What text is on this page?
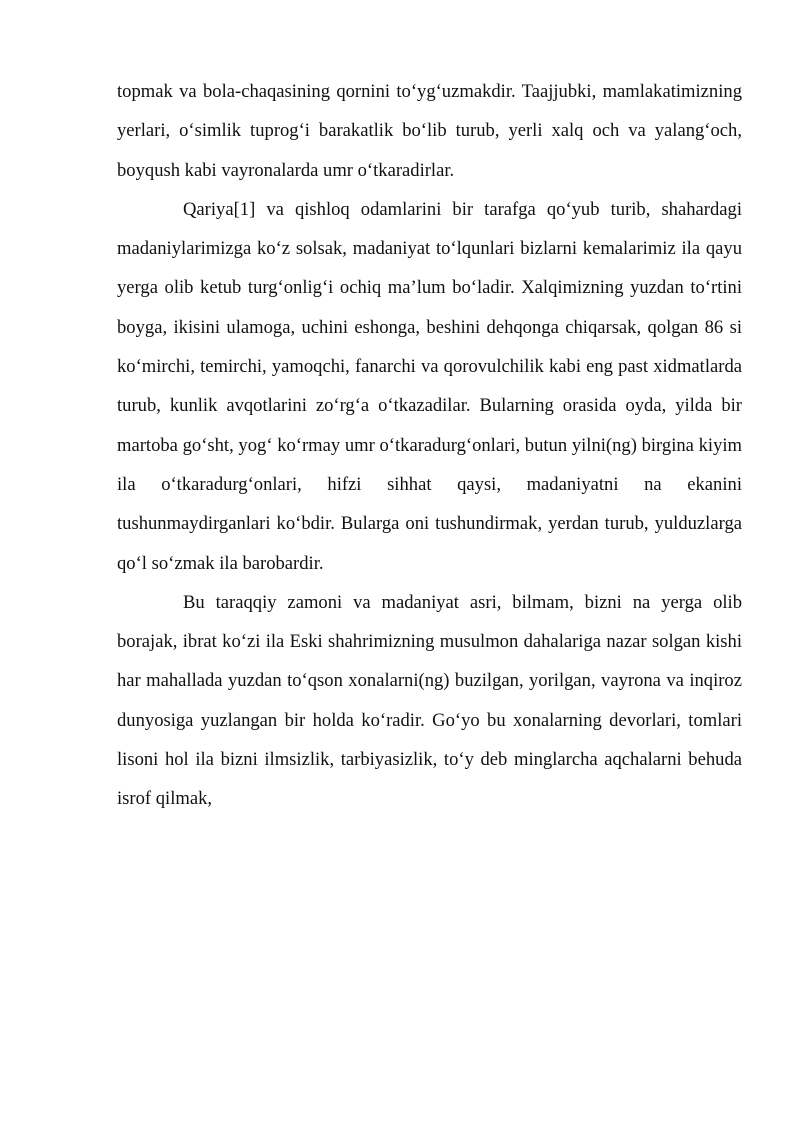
topmak va bola-chaqasining qornini to‘yg‘uzmakdir. Taajjubki, mamlakatimizning yerlari, o‘simlik tuprog‘i barakatlik bo‘lib turub, yerli xalq och va yalang‘och, boyqush kabi vayronalarda umr o‘tkaradirlar.

Qariya[1] va qishloq odamlarini bir tarafga qo‘yub turib, shahardagi madaniylarimizga ko‘z solsak, madaniyat to‘lqunlari bizlarni kemalarimiz ila qayu yerga olib ketub turg‘onlig‘i ochiq ma’lum bo‘ladir. Xalqimizning yuzdan to‘rtini boyga, ikisini ulamoga, uchini eshonga, beshini dehqonga chiqarsak, qolgan 86 si ko‘mirchi, temirchi, yamoqchi, fanarchi va qorovulchilik kabi eng past xidmatlarda turub, kunlik avqotlarini zo‘rg‘a o‘tkazadilar. Bularning orasida oyda, yilda bir martoba go‘sht, yog‘ ko‘rmay umr o‘tkaradurg‘onlari, butun yilni(ng) birgina kiyim ila o‘tkaradurg‘onlari, hifzi sihhat qaysi, madaniyatni na ekanini tushunmaydirganlari ko‘bdir. Bularga oni tushundirmak, yerdan turub, yulduzlarga qo‘l so‘zmak ila barobardir.

Bu taraqqiy zamoni va madaniyat asri, bilmam, bizni na yerga olib borajak, ibrat ko‘zi ila Eski shahrimizning musulmon dahalariga nazar solgan kishi har mahallada yuzdan to‘qson xonalarni(ng) buzilgan, yorilgan, vayrona va inqiroz dunyosiga yuzlangan bir holda ko‘radir. Go‘yo bu xonalarning devorlari, tomlari lisoni hol ila bizni ilmsizlik, tarbiyasizlik, to‘y deb minglarcha aqchalarni behuda isrof qilmak,
